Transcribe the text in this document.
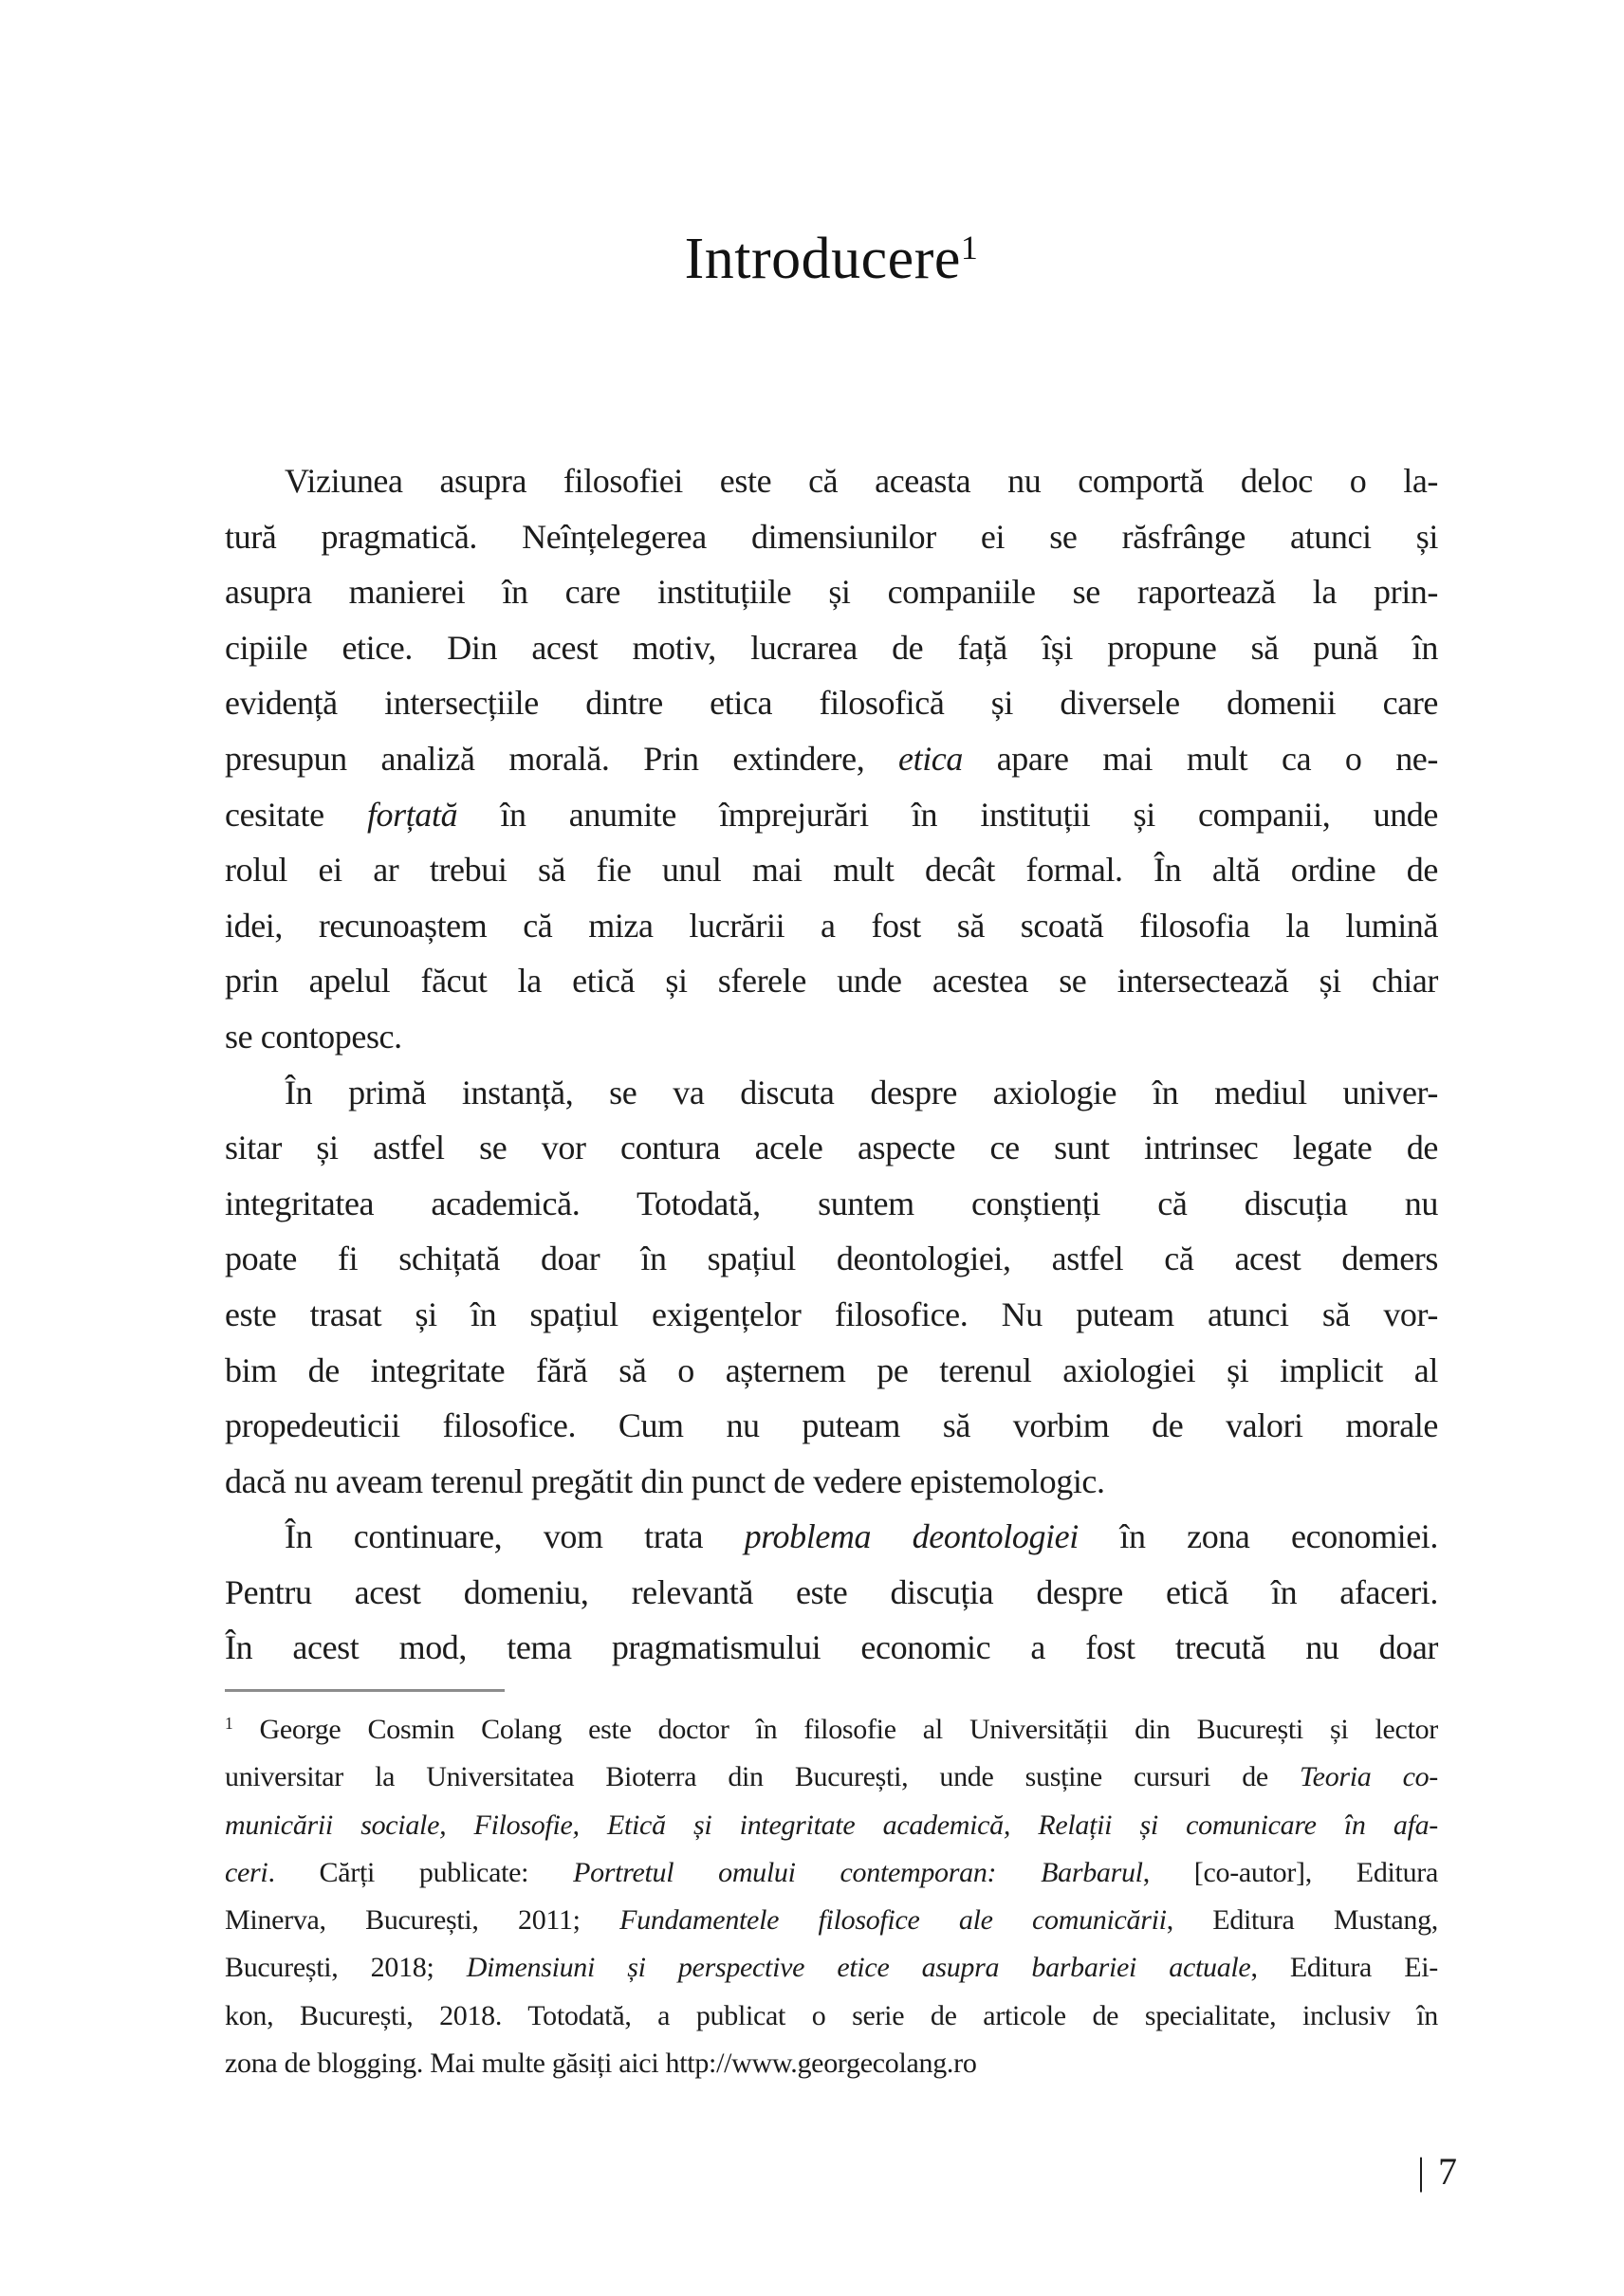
Introducere$^1$
Viziunea asupra filosofiei este că aceasta nu comportă deloc o la-
tură pragmatică. Neînțelegerea dimensiunilor ei se răsfrânge atunci și
asupra manierei în care instituțiile și companiile se raportează la prin-
cipiile etice. Din acest motiv, lucrarea de față își propune să pună în
evidență intersecțiile dintre etica filosofică și diversele domenii care
presupun analiză morală. Prin extindere, etica apare mai mult ca o ne-
cesitate forțată în anumite împrejurări în instituții și companii, unde
rolul ei ar trebui să fie unul mai mult decât formal. În altă ordine de
idei, recunoaștem că miza lucrării a fost să scoată filosofia la lumină
prin apelul făcut la etică și sferele unde acestea se intersectează și chiar
se contopesc.
În primă instanță, se va discuta despre axiologie în mediul univer-
sitar și astfel se vor contura acele aspecte ce sunt intrinsec legate de
integritatea academică. Totodată, suntem conștienți că discuția nu
poate fi schițată doar în spațiul deontologiei, astfel că acest demers
este trasat și în spațiul exigențelor filosofice. Nu puteam atunci să vor-
bim de integritate fără să o așternem pe terenul axiologiei și implicit al
propedeuticii filosofice. Cum nu puteam să vorbim de valori morale
dacă nu aveam terenul pregătit din punct de vedere epistemologic.
În continuare, vom trata problema deontologiei în zona economiei.
Pentru acest domeniu, relevantă este discuția despre etică în afaceri.
În acest mod, tema pragmatismului economic a fost trecută nu doar
$^1$ George Cosmin Colang este doctor în filosofie al Universității din București și lector
universitar la Universitatea Bioterra din București, unde susține cursuri de Teoria co-
municării sociale, Filosofie, Etică și integritate academică, Relații și comunicare în afa-
ceri. Cărți publicate: Portretul omului contemporan: Barbarul, [co-autor], Editura
Minerva, București, 2011; Fundamentele filosofice ale comunicării, Editura Mustang,
București, 2018; Dimensiuni și perspective etice asupra barbariei actuale, Editura Ei-
kon, București, 2018. Totodată, a publicat o serie de articole de specialitate, inclusiv în
zona de blogging. Mai multe găsiți aici http://www.georgecolang.ro
| 7
